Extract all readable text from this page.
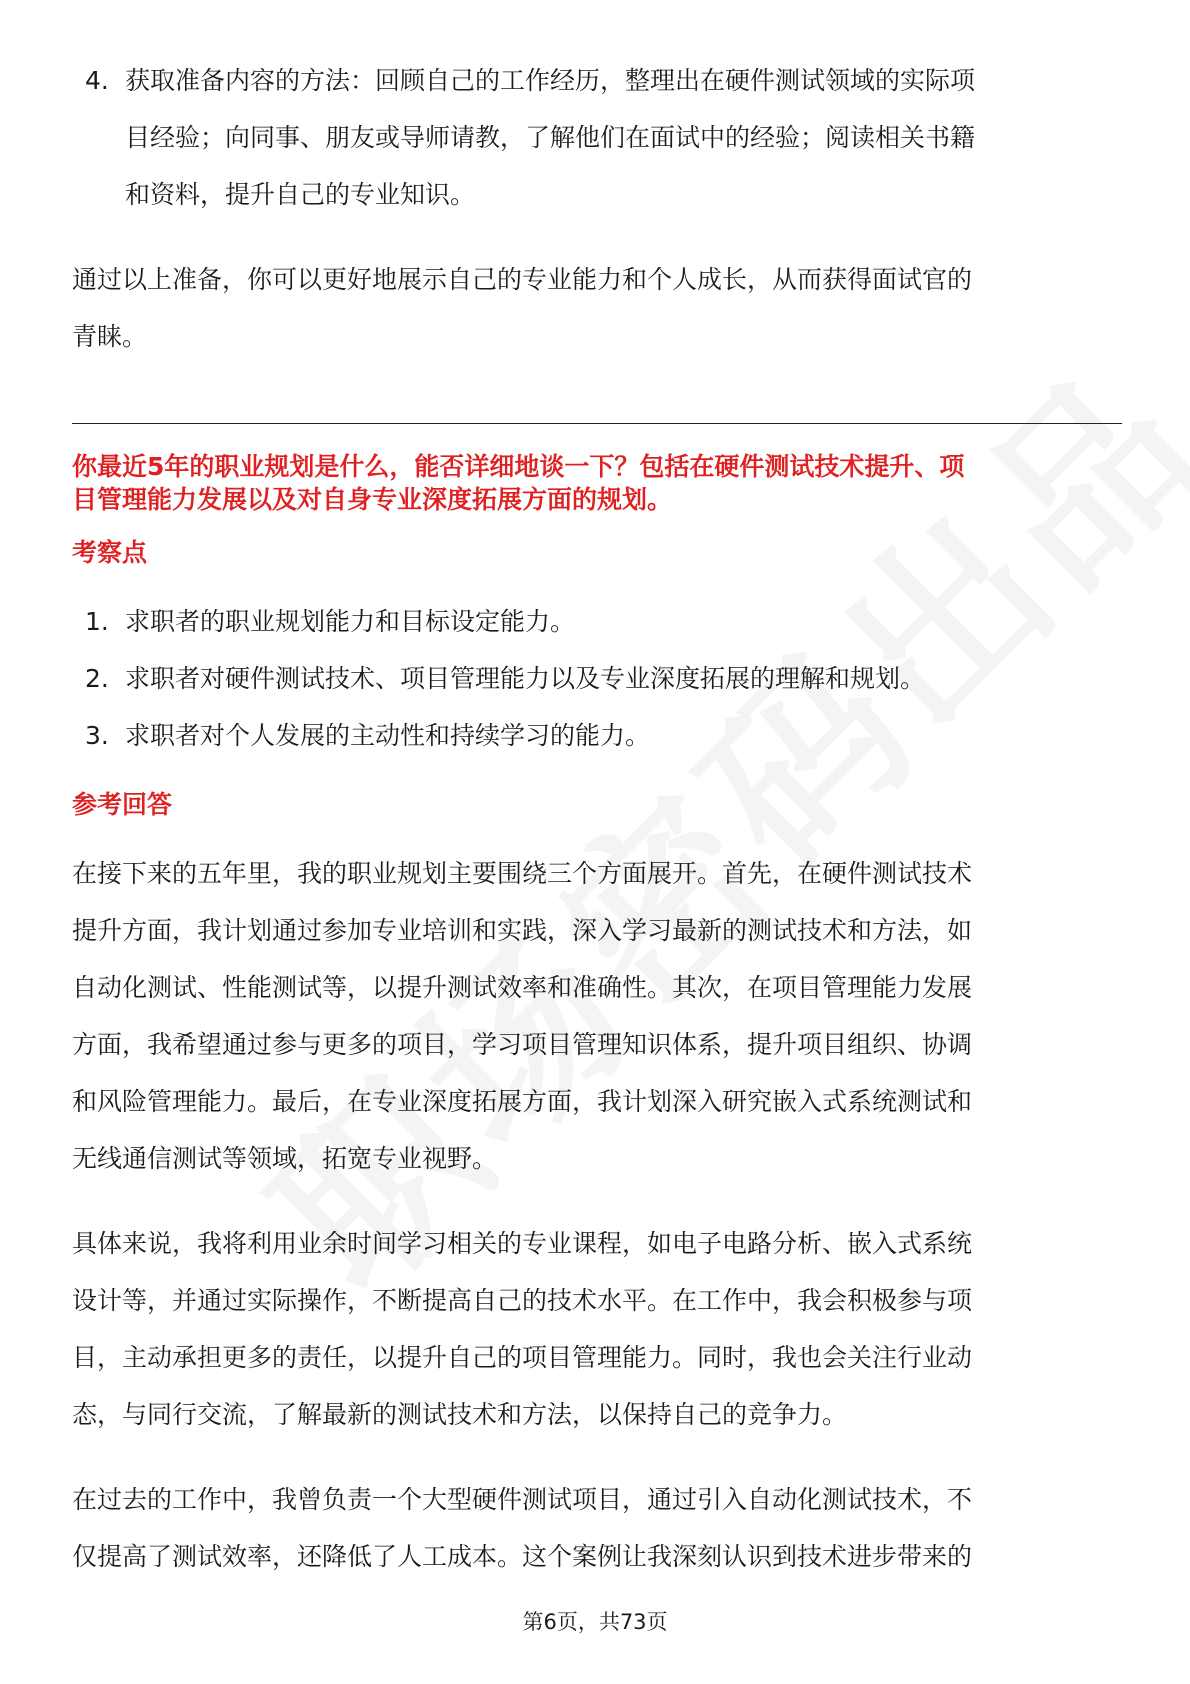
4. 获取准备内容的方法：回顾自己的工作经历，整理出在硬件测试领域的实际项
目经验；向同事、朋友或导师请教，了解他们在面试中的经验；阅读相关书籍
和资料，提升自己的专业知识。

通过以上准备，你可以更好地展示自己的专业能力和个人成长，从而获得面试官的
青睐。

你最近5年的职业规划是什么，能否详细地谈一下？包括在硬件测试技术提升、项
目管理能力发展以及对自身专业深度拓展方面的规划。
考察点
1. 求职者的职业规划能力和目标设定能力。
2. 求职者对硬件测试技术、项目管理能力以及专业深度拓展的理解和规划。
3. 求职者对个人发展的主动性和持续学习的能力。
参考回答

在接下来的五年里，我的职业规划主要围绕三个方面展开。首先，在硬件测试技术
提升方面，我计划通过参加专业培训和实践，深入学习最新的测试技术和方法，如
自动化测试、性能测试等，以提升测试效率和准确性。其次，在项目管理能力发展
方面，我希望通过参与更多的项目，学习项目管理知识体系，提升项目组织、协调
和风险管理能力。最后，在专业深度拓展方面，我计划深入研究嵌入式系统测试和
无线通信测试等领域，拓宽专业视野。

具体来说，我将利用业余时间学习相关的专业课程，如电子电路分析、嵌入式系统
设计等，并通过实际操作，不断提高自己的技术水平。在工作中，我会积极参与项
目，主动承担更多的责任，以提升自己的项目管理能力。同时，我也会关注行业动
态，与同行交流，了解最新的测试技术和方法，以保持自己的竞争力。

在过去的工作中，我曾负责一个大型硬件测试项目，通过引入自动化测试技术，不
仅提高了测试效率，还降低了人工成本。这个案例让我深刻认识到技术进步带来的

第6页，共73页
